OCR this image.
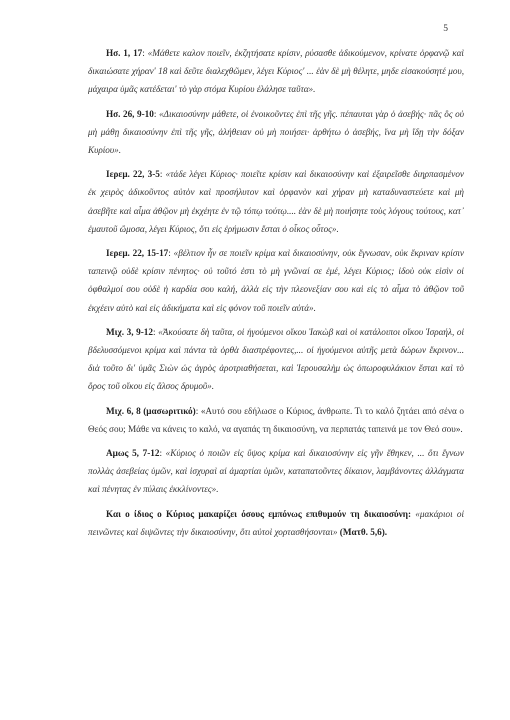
5

Ησ. 1, 17: «Μάθετε καλον ποιεῖν, ἐκζητήσατε κρίσιν, ρύσασθε ἀδικούμενον, κρίνατε ὀρφανῷ καὶ δικαιώσατε χήραν' 18 καὶ δεῦτε διαλεχθῶμεν, λέγει Κύριος' ... ἐὰν δὲ μὴ θέλητε, μηδε εἰσακούσητέ μου, μάχαιρα ὑμᾶς κατέδεται' τὸ γὰρ στόμα Κυρίου ἐλάλησε ταῦτα».

Ησ. 26, 9-10: «Δικαιοσύνην μάθετε, οἱ ἐνοικοῦντες ἐπὶ τῆς γῆς. πέπαυται γὰρ ὁ ἀσεβής· πᾶς ὃς οὐ μὴ μάθῃ δικαιοσύνην ἐπὶ τῆς γῆς, ἀλήθειαν οὐ μὴ ποιήσει· ἀρθήτω ὁ ἀσεβής, ἵνα μὴ ἴδῃ τὴν δόξαν Κυρίου».

Ιερεμ. 22, 3-5: «τάδε λέγει Κύριος· ποιεῖτε κρίσιν καὶ δικαιοσύνην καὶ ἐξαιρεῖσθε διηρπασμένον ἐκ χειρὸς ἀδικοῦντος αὐτὸν καὶ προσήλυτον καὶ ὀρφανὸν καὶ χήραν μὴ καταδυναστεύετε καὶ μὴ ἀσεβῆτε καὶ αἷμα ἀθῷον μὴ ἐκχέητε ἐν τῷ τόπῳ τούτῳ.... ἐὰν δὲ μὴ ποιήσητε τοὺς λόγους τούτους, κατ᾽ ἐμαυτοῦ ὤμοσα, λέγει Κύριος, ὅτι εἰς ἐρήμωσιν ἔσται ὁ οἶκος οὗτος».

Ιερεμ. 22, 15-17: «βέλτιον ἦν σε ποιεῖν κρίμα καὶ δικαιοσύνην, οὐκ ἔγνωσαν, οὐκ ἔκριναν κρίσιν ταπεινῷ οὐδὲ κρίσιν πένητος· οὐ τοῦτό ἐστι τὸ μὴ γνῶναί σε ἐμέ, λέγει Κύριος; ἰδοὺ οὐκ εἰσὶν οἱ ὀφθαλμοί σου οὐδὲ ἡ καρδία σου καλή, ἀλλὰ εἰς τὴν πλεονεξίαν σου καὶ εἰς τὸ αἷμα τὸ ἀθῷον τοῦ ἐκχέειν αὐτὸ καὶ εἰς ἀδικήματα καὶ εἰς φόνον τοῦ ποιεῖν αὐτά».

Μιχ. 3, 9-12: «Ἀκούσατε δὴ ταῦτα, οἱ ἡγούμενοι οἴκου Ἰακὼβ καὶ οἱ κατάλοιποι οἴκου Ἰσραήλ, οἱ βδελυσσόμενοι κρίμα καὶ πάντα τὰ ὀρθὰ διαστρέφοντες,... οἱ ἡγούμενοι αὐτῆς μετὰ δώρων ἔκρινον... διὰ τοῦτο δι' ὑμᾶς Σιὼν ὡς ἀγρὸς ἀροτριαθήσεται, καὶ Ἱερουσαλὴμ ὡς ὀπωροφυλάκιον ἔσται καὶ τὸ ὄρος τοῦ οἴκου εἰς ἄλσος δρυμοῦ».

Μιχ. 6, 8 (μασωριτικό): «Αυτό σου εδήλωσε ο Κύριος, άνθρωπε. Τι το καλό ζητάει από σένα ο Θεός σου; Μάθε να κάνεις το καλό, να αγαπάς τη δικαιοσύνη, να περπατάς ταπεινά με τον Θεό σου».

Αμως 5, 7-12: «Κύριος ὁ ποιῶν εἰς ὕψος κρίμα καὶ δικαιοσύνην εἰς γῆν ἔθηκεν, ... ὅτι ἔγνων πολλὰς ἀσεβείας ὑμῶν, καὶ ἰσχυραὶ αἱ ἁμαρτίαι ὑμῶν, καταπατοῦντες δίκαιον, λαμβάνοντες ἀλλάγματα καὶ πένητας ἐν πύλαις ἐκκλίνοντες».

Και ο ίδιος ο Κύριος μακαρίζει όσους εμπόνως επιθυμούν τη δικαιοσύνη: «μακάριοι οἱ πεινῶντες καὶ διψῶντες τὴν δικαιοσύνην, ὅτι αὐτοὶ χορτασθήσονται» (Ματθ. 5,6).
